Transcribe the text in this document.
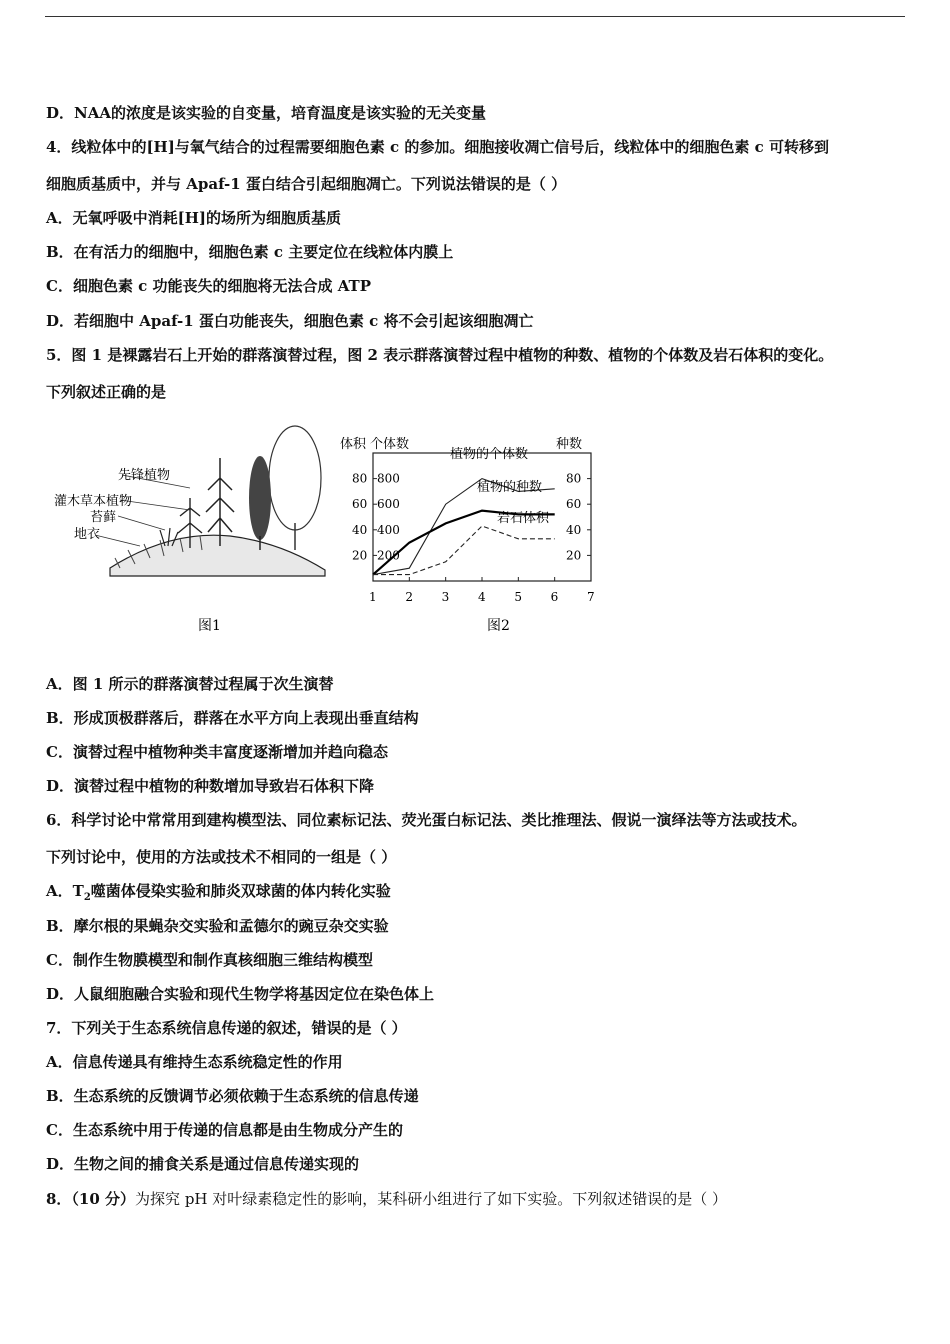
D．NAA的浓度是该实验的自变量，培育温度是该实验的无关变量
4．线粒体中的[H]与氧气结合的过程需要细胞色素 c 的参加。细胞接收凋亡信号后，线粒体中的细胞色素 c 可转移到
细胞质基质中，并与 Apaf-1 蛋白结合引起细胞凋亡。下列说法错误的是（ ）
A．无氧呼吸中消耗[H]的场所为细胞质基质
B．在有活力的细胞中，细胞色素 c 主要定位在线粒体内膜上
C．细胞色素 c 功能丧失的细胞将无法合成 ATP
D．若细胞中 Apaf-1 蛋白功能丧失，细胞色素 c 将不会引起该细胞凋亡
5．图 1 是裸露岩石上开始的群落演替过程，图 2 表示群落演替过程中植物的种数、植物的个体数及岩石体积的变化。
下列叙述正确的是
先锋植物
灌木草本植物
苔藓
地衣
图1
体积 个体数	种数
20 200
40 400
60 600
80 800
20
40
60
80
1 2 3 4 5 6 7
植物的个体数
植物的种数
岩石体积
图2
A．图 1 所示的群落演替过程属于次生演替
B．形成顶极群落后，群落在水平方向上表现出垂直结构
C．演替过程中植物种类丰富度逐渐增加并趋向稳态
D．演替过程中植物的种数增加导致岩石体积下降
6．科学讨论中常常用到建构模型法、同位素标记法、荧光蛋白标记法、类比推理法、假说一演绎法等方法或技术。
下列讨论中，使用的方法或技术不相同的一组是（ ）
A．$T_2$噬菌体侵染实验和肺炎双球菌的体内转化实验
B．摩尔根的果蝇杂交实验和孟德尔的豌豆杂交实验
C．制作生物膜模型和制作真核细胞三维结构模型
D．人鼠细胞融合实验和现代生物学将基因定位在染色体上
7．下列关于生态系统信息传递的叙述，错误的是（ ）
A．信息传递具有维持生态系统稳定性的作用
B．生态系统的反馈调节必须依赖于生态系统的信息传递
C．生态系统中用于传递的信息都是由生物成分产生的
D．生物之间的捕食关系是通过信息传递实现的
8．（10 分）为探究 pH 对叶绿素稳定性的影响，某科研小组进行了如下实验。下列叙述错误的是（ ）
